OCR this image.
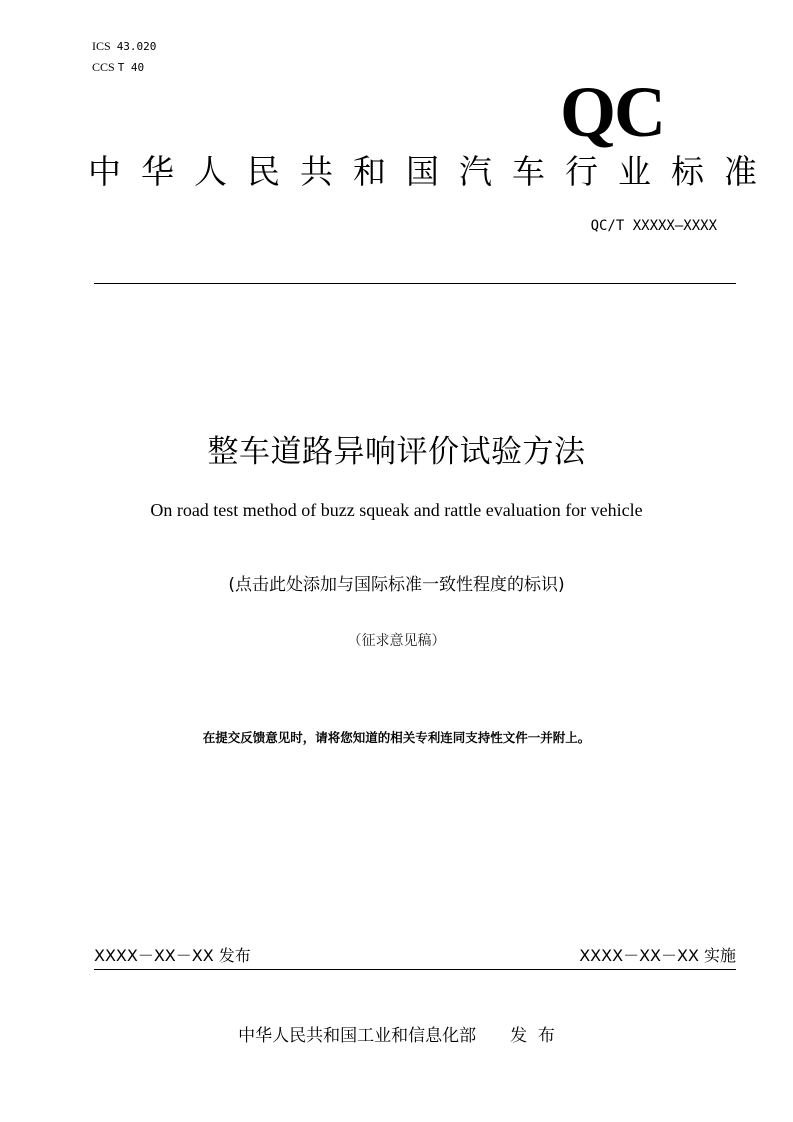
ICS 43.020
CCS T 40
QC
中华人民共和国汽车行业标准
QC/T XXXXX—XXXX
整车道路异响评价试验方法
On road test method of buzz squeak and rattle evaluation for vehicle
(点击此处添加与国际标准一致性程度的标识)
（征求意见稿）
在提交反馈意见时，请将您知道的相关专利连同支持性文件一并附上。
XXXX－XX－XX 发布	XXXX－XX－XX 实施
中华人民共和国工业和信息化部 发  布
